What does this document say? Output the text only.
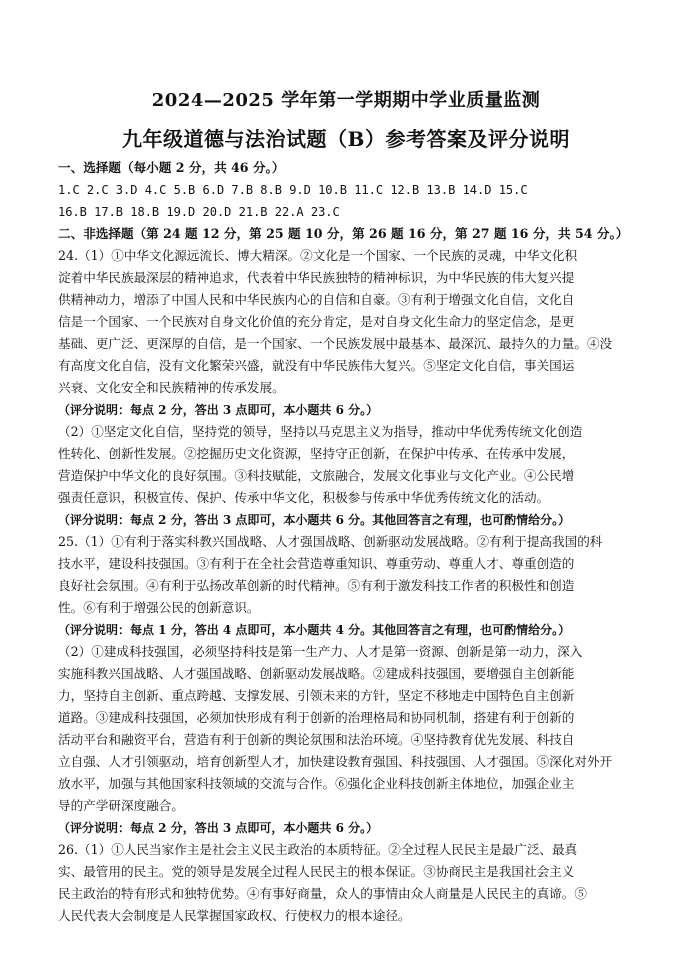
2024—2025 学年第一学期期中学业质量监测
九年级道德与法治试题（B）参考答案及评分说明
一、选择题（每小题 2 分，共 46 分。）
1.C 2.C 3.D 4.C 5.B 6.D 7.B 8.B 9.D 10.B 11.C 12.B 13.B 14.D 15.C
16.B 17.B 18.B 19.D 20.D 21.B 22.A 23.C
二、非选择题（第 24 题 12 分，第 25 题 10 分，第 26 题 16 分，第 27 题 16 分，共 54 分。）
24.（1）①中华文化源远流长、博大精深。②文化是一个国家、一个民族的灵魂，中华文化积
淀着中华民族最深层的精神追求，代表着中华民族独特的精神标识，为中华民族的伟大复兴提
供精神动力，增添了中国人民和中华民族内心的自信和自豪。③有利于增强文化自信，文化自
信是一个国家、一个民族对自身文化价值的充分肯定，是对自身文化生命力的坚定信念，是更
基础、更广泛、更深厚的自信，是一个国家、一个民族发展中最基本、最深沉、最持久的力量。④没
有高度文化自信，没有文化繁荣兴盛，就没有中华民族伟大复兴。⑤坚定文化自信，事关国运
兴衰、文化安全和民族精神的传承发展。
（评分说明：每点 2 分，答出 3 点即可，本小题共 6 分。）
（2）①坚定文化自信，坚持党的领导，坚持以马克思主义为指导，推动中华优秀传统文化创造
性转化、创新性发展。②挖掘历史文化资源，坚持守正创新，在保护中传承、在传承中发展，
营造保护中华文化的良好氛围。③科技赋能，文旅融合，发展文化事业与文化产业。④公民增
强责任意识，积极宣传、保护、传承中华文化，积极参与传承中华优秀传统文化的活动。
（评分说明：每点 2 分，答出 3 点即可，本小题共 6 分。其他回答言之有理，也可酌情给分。）
25.（1）①有利于落实科教兴国战略、人才强国战略、创新驱动发展战略。②有利于提高我国的科
技水平，建设科技强国。③有利于在全社会营造尊重知识、尊重劳动、尊重人才、尊重创造的
良好社会氛围。④有利于弘扬改革创新的时代精神。⑤有利于激发科技工作者的积极性和创造
性。⑥有利于增强公民的创新意识。
（评分说明：每点 1 分，答出 4 点即可，本小题共 4 分。其他回答言之有理，也可酌情给分。）
（2）①建成科技强国，必须坚持科技是第一生产力、人才是第一资源、创新是第一动力，深入
实施科教兴国战略、人才强国战略、创新驱动发展战略。②建成科技强国，要增强自主创新能
力，坚持自主创新、重点跨越、支撑发展、引领未来的方针，坚定不移地走中国特色自主创新
道路。③建成科技强国，必须加快形成有利于创新的治理格局和协同机制，搭建有利于创新的
活动平台和融资平台，营造有利于创新的舆论氛围和法治环境。④坚持教育优先发展、科技自
立自强、人才引领驱动，培育创新型人才，加快建设教育强国、科技强国、人才强国。⑤深化对外开
放水平，加强与其他国家科技领域的交流与合作。⑥强化企业科技创新主体地位，加强企业主
导的产学研深度融合。
（评分说明：每点 2 分，答出 3 点即可，本小题共 6 分。）
26.（1）①人民当家作主是社会主义民主政治的本质特征。②全过程人民民主是最广泛、最真
实、最管用的民主。党的领导是发展全过程人民民主的根本保证。③协商民主是我国社会主义
民主政治的特有形式和独特优势。④有事好商量，众人的事情由众人商量是人民民主的真谛。⑤
人民代表大会制度是人民掌握国家政权、行使权力的根本途径。
